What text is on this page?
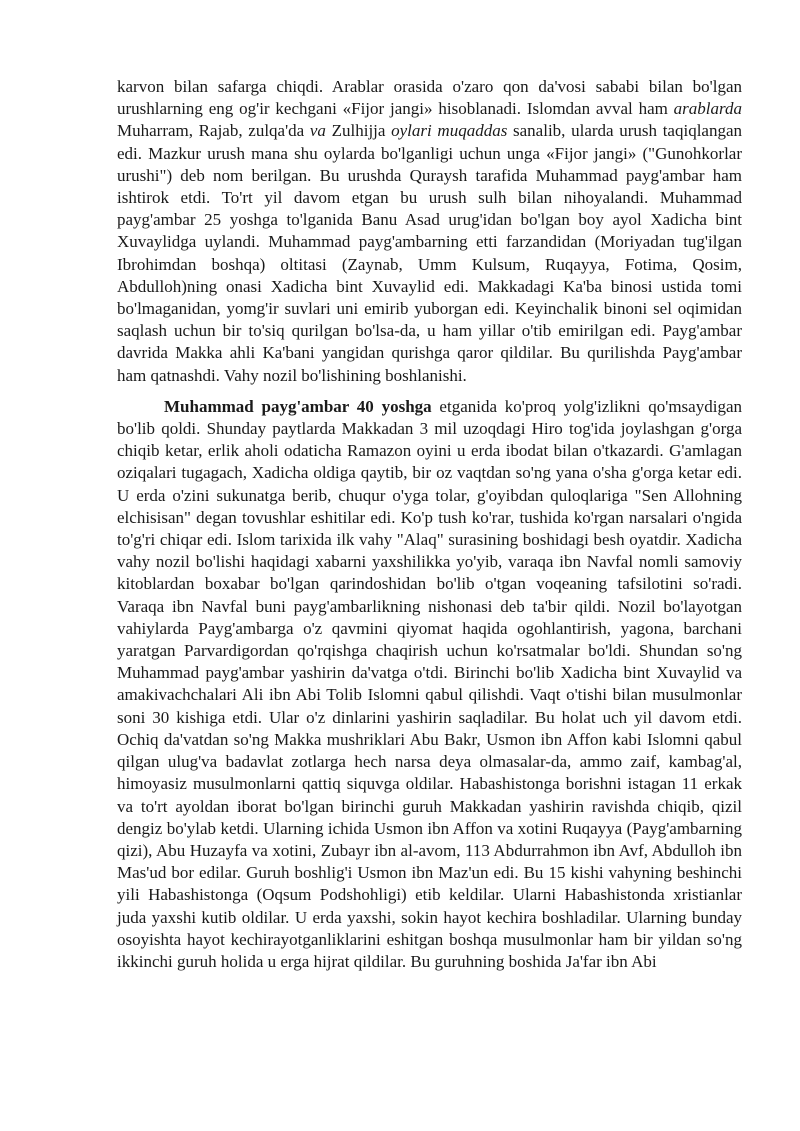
karvon bilan safarga chiqdi. Arablar orasida o'zaro qon da'vosi sababi bilan bo'lgan urushlarning eng og'ir kechgani «Fijor jangi» hisoblanadi. Islomdan avval ham arablarda Muharram, Rajab, zulqa'da va Zulhijja oylari muqaddas sanalib, ularda urush taqiqlangan edi. Mazkur urush mana shu oylarda bo'lganligi uchun unga «Fijor jangi» ("Gunohkorlar urushi") deb nom berilgan. Bu urushda Quraysh tarafida Muhammad payg'ambar ham ishtirok etdi. To'rt yil davom etgan bu urush sulh bilan nihoyalandi. Muhammad payg'ambar 25 yoshga to'lganida Banu Asad urug'idan bo'lgan boy ayol Xadicha bint Xuvaylidga uylandi. Muhammad payg'ambarning etti farzandidan (Moriyadan tug'ilgan Ibrohimdan boshqa) oltitasi (Zaynab, Umm Kulsum, Ruqayya, Fotima, Qosim, Abdulloh)ning onasi Xadicha bint Xuvaylid edi. Makkadagi Ka'ba binosi ustida tomi bo'lmaganidan, yomg'ir suvlari uni emirib yuborgan edi. Keyinchalik binoni sel oqimidan saqlash uchun bir to'siq qurilgan bo'lsa-da, u ham yillar o'tib emirilgan edi. Payg'ambar davrida Makka ahli Ka'bani yangidan qurishga qaror qildilar. Bu qurilishda Payg'ambar ham qatnashdi. Vahy nozil bo'lishining boshlanishi.

Muhammad payg'ambar 40 yoshga etganida ko'proq yolg'izlikni qo'msaydigan bo'lib qoldi. Shunday paytlarda Makkadan 3 mil uzoqdagi Hiro tog'ida joylashgan g'orga chiqib ketar, erlik aholi odaticha Ramazon oyini u erda ibodat bilan o'tkazardi. G'amlagan oziqalari tugagach, Xadicha oldiga qaytib, bir oz vaqtdan so'ng yana o'sha g'orga ketar edi. U erda o'zini sukunatga berib, chuqur o'yga tolar, g'oyibdan quloqlariga "Sen Allohning elchisisan" degan tovushlar eshitilar edi. Ko'p tush ko'rar, tushida ko'rgan narsalari o'ngida to'g'ri chiqar edi. Islom tarixida ilk vahy "Alaq" surasining boshidagi besh oyatdir. Xadicha vahy nozil bo'lishi haqidagi xabarni yaxshilikka yo'yib, varaqa ibn Navfal nomli samoviy kitoblardan boxabar bo'lgan qarindoshidan bo'lib o'tgan voqeaning tafsilotini so'radi. Varaqa ibn Navfal buni payg'ambarlikning nishonasi deb ta'bir qildi. Nozil bo'layotgan vahiylarda Payg'ambarga o'z qavmini qiyomat haqida ogohlantirish, yagona, barchani yaratgan Parvardigordan qo'rqishga chaqirish uchun ko'rsatmalar bo'ldi. Shundan so'ng Muhammad payg'ambar yashirin da'vatga o'tdi. Birinchi bo'lib Xadicha bint Xuvaylid va amakivachchalari Ali ibn Abi Tolib Islomni qabul qilishdi. Vaqt o'tishi bilan musulmonlar soni 30 kishiga etdi. Ular o'z dinlarini yashirin saqladilar. Bu holat uch yil davom etdi. Ochiq da'vatdan so'ng Makka mushriklari Abu Bakr, Usmon ibn Affon kabi Islomni qabul qilgan ulug'va badavlat zotlarga hech narsa deya olmasalar-da, ammo zaif, kambag'al, himoyasiz musulmonlarni qattiq siquvga oldilar. Habashistonga borishni istagan 11 erkak va to'rt ayoldan iborat bo'lgan birinchi guruh Makkadan yashirin ravishda chiqib, qizil dengiz bo'ylab ketdi. Ularning ichida Usmon ibn Affon va xotini Ruqayya (Payg'ambarning qizi), Abu Huzayfa va xotini, Zubayr ibn al-avom, 113 Abdurrahmon ibn Avf, Abdulloh ibn Mas'ud bor edilar. Guruh boshlig'i Usmon ibn Maz'un edi. Bu 15 kishi vahyning beshinchi yili Habashistonga (Oqsum Podshohligi) etib keldilar. Ularni Habashistonda xristianlar juda yaxshi kutib oldilar. U erda yaxshi, sokin hayot kechira boshladilar. Ularning bunday osoyishta hayot kechirayotganliklarini eshitgan boshqa musulmonlar ham bir yildan so'ng ikkinchi guruh holida u erga hijrat qildilar. Bu guruhning boshida Ja'far ibn Abi
